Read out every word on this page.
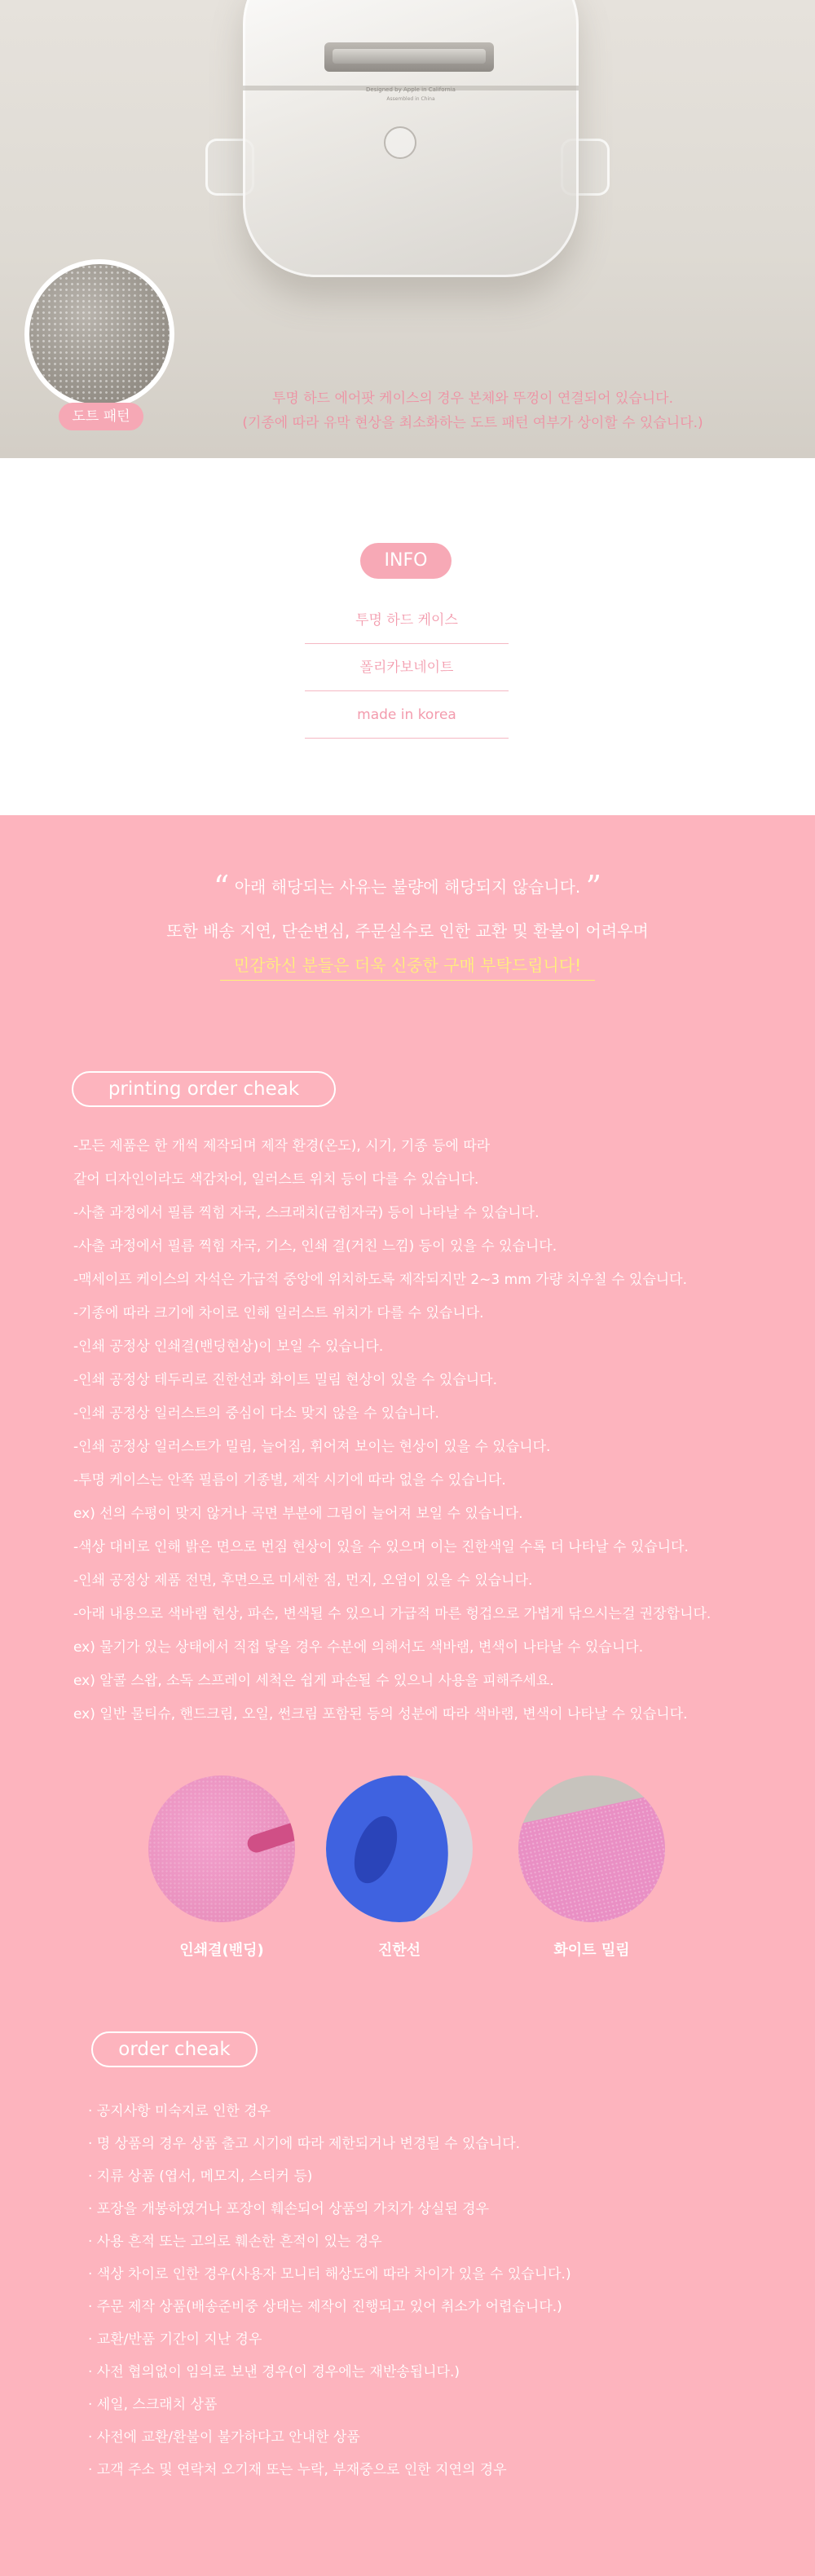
Designed by Apple in California
Assembled in China
도트 패턴
투명 하드 에어팟 케이스의 경우 본체와 뚜껑이 연결되어 있습니다.
(기종에 따라 유막 현상을 최소화하는 도트 패턴 여부가 상이할 수 있습니다.)
INFO
투명 하드 케이스
폴리카보네이트
made in korea
“ 아래 해당되는 사유는 불량에 해당되지 않습니다. ”
또한 배송 지연, 단순변심, 주문실수로 인한 교환 및 환불이 어려우며
민감하신 분들은 더욱 신중한 구매 부탁드립니다!
printing order cheak
-모든 제품은 한 개씩 제작되며 제작 환경(온도), 시기, 기종 등에 따라
같어 디자인이라도 색감차어, 일러스트 위치 등이 다를 수 있습니다.
-사출 과정에서 필름 찍힘 자국, 스크래치(금힘자국) 등이 나타날 수 있습니다.
-사출 과정에서 필름 찍힘 자국, 기스, 인쇄 결(거친 느낌) 등이 있을 수 있습니다.
-맥세이프 케이스의 자석은 가급적 중앙에 위치하도록 제작되지만 2~3 mm 가량 치우칠 수 있습니다.
-기종에 따라 크기에 차이로 인해 일러스트 위치가 다를 수 있습니다.
-인쇄 공정상 인쇄결(밴딩현상)이 보일 수 있습니다.
-인쇄 공정상 테두리로 진한선과 화이트 밀림 현상이 있을 수 있습니다.
-인쇄 공정상 일러스트의 중심이 다소 맞지 않을 수 있습니다.
-인쇄 공정상 일러스트가 밀림, 늘어짐, 휘어져 보이는 현상이 있을 수 있습니다.
-투명 케이스는 안쪽 필름이 기종별, 제작 시기에 따라 없을 수 있습니다.
ex) 선의 수평이 맞지 않거나 곡면 부분에 그림이 늘어져 보일 수 있습니다.
-색상 대비로 인해 밝은 면으로 번짐 현상이 있을 수 있으며 이는 진한색일 수록 더 나타날 수 있습니다.
-인쇄 공정상 제품 전면, 후면으로 미세한 점, 먼지, 오염이 있을 수 있습니다.
-아래 내용으로 색바램 현상, 파손, 변색될 수 있으니 가급적 마른 헝겁으로 가볍게 닦으시는걸 권장합니다.
ex) 물기가 있는 상태에서 직접 닿을 경우 수분에 의해서도 색바램, 변색이 나타날 수 있습니다.
ex) 알콜 스왑, 소독 스프레이 세척은 쉽게 파손될 수 있으니 사용을 피해주세요.
ex) 일반 물티슈, 핸드크림, 오일, 썬크림 포함된 등의 성분에 따라 색바램, 변색이 나타날 수 있습니다.
인쇄결(밴딩)	진한선	화이트 밀림
order cheak
· 공지사항 미숙지로 인한 경우
· 명 상품의 경우 상품 출고 시기에 따라 제한되거나 변경될 수 있습니다.
· 지류 상품 (엽서, 메모지, 스티커 등)
· 포장을 개봉하였거나 포장이 훼손되어 상품의 가치가 상실된 경우
· 사용 흔적 또는 고의로 훼손한 흔적이 있는 경우
· 색상 차이로 인한 경우(사용자 모니터 해상도에 따라 차이가 있을 수 있습니다.)
· 주문 제작 상품(배송준비중 상태는 제작이 진행되고 있어 취소가 어렵습니다.)
· 교환/반품 기간이 지난 경우
· 사전 협의없이 임의로 보낸 경우(이 경우에는 재반송됩니다.)
· 세일, 스크래치 상품
· 사전에 교환/환불이 불가하다고 안내한 상품
· 고객 주소 및 연락처 오기재 또는 누락, 부재중으로 인한 지연의 경우
